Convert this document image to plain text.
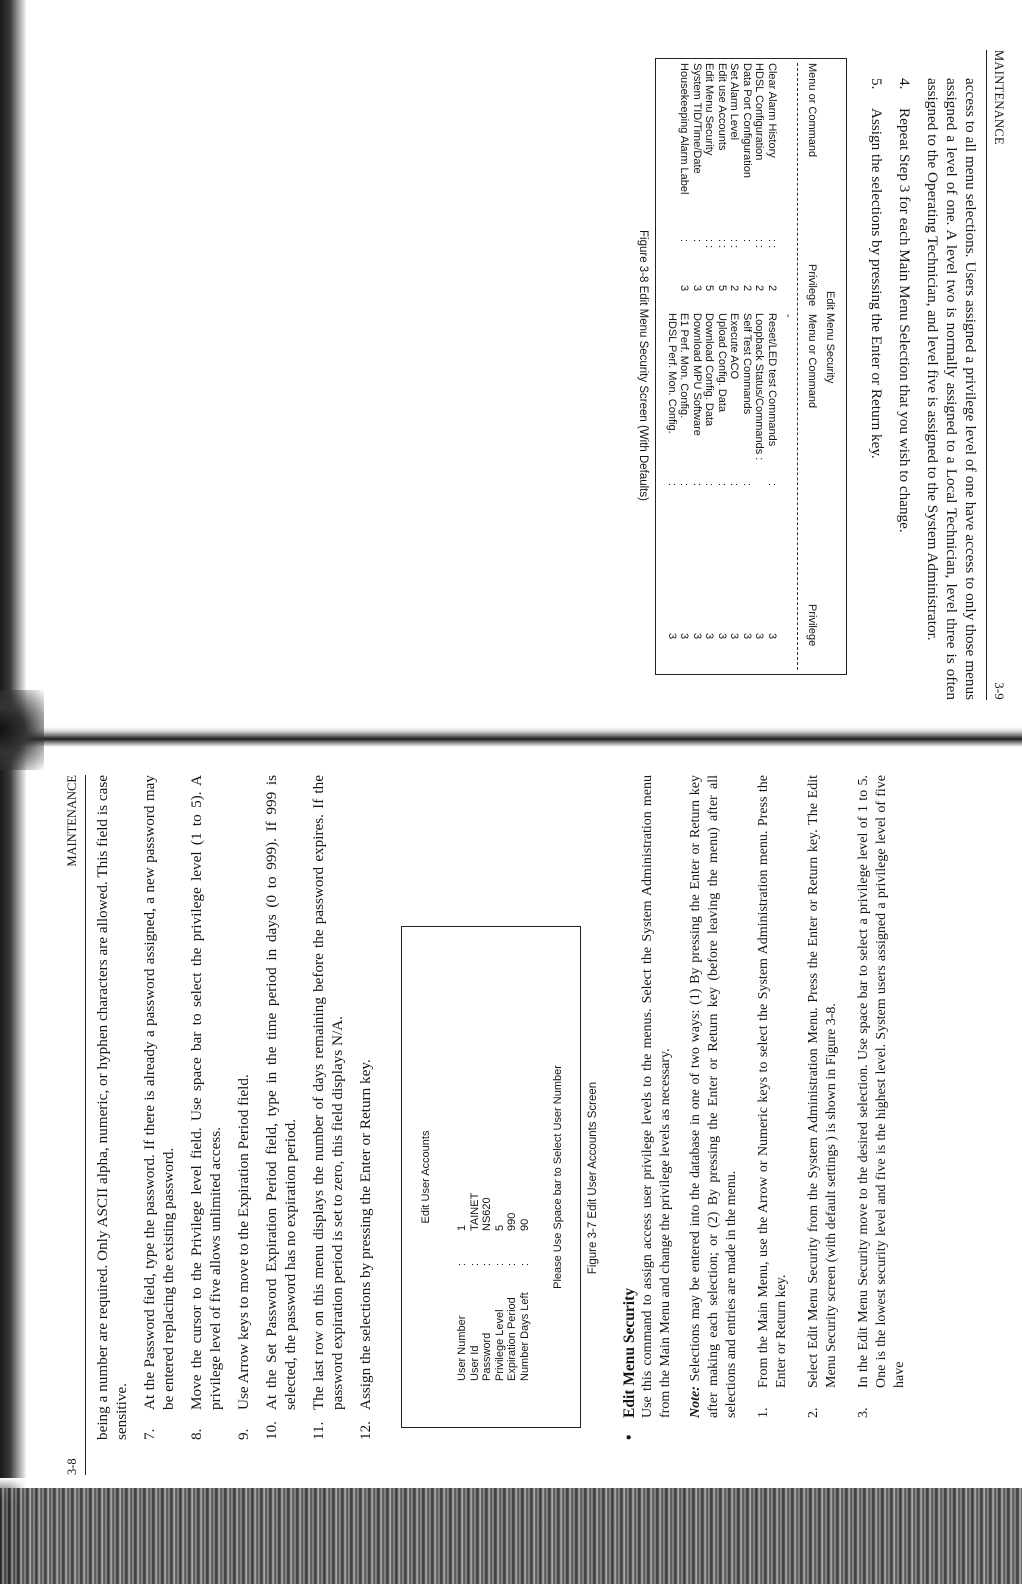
MAINTENANCE
3-9

access to all menu selections. Users assigned a privilege level of one have access to only those menus assigned a level of one. A level two is normally assigned to a Local Technician, level three is often assigned to the Operating Technician, and level five is assigned to the System Administrator.

4.
Repeat Step 3 for each Main Menu Selection that you wish to change.
5.
Assign the selections by pressing the Enter or Return key.
Edit Menu Security
Menu or Command
Privilege
Menu or Command
Privilege
-
Clear Alarm History
: :
2
Reset/LED test Commands
:
3
HDSL Configuration
: :
2
Loopback Status/Commands :
3
Data Port Configuration
:
2
Self Test Commands
:
3
Set Alarm Level
: :
2
Execute ACO
:
3
Edit use Accounts
: :
5
Upload Config. Data
:
3
Edit Menu Security
: :
5
Download Config. Data
:
3
System TID/Time/Date
:
3
Download MPU Software
:
3
Housekeeping Alarm Label
:
3
E1 Perf. Mon. Config.
:
3
HDSL Perf. Mon. Config.
:
3
Figure 3-8 Edit Menu Security Screen (With Defaults)
3-8
MAINTENANCE being a number are required. Only ASCII alpha, numeric, or hyphen characters are allowed. This field is case sensitive. 7.
At the Password field, type the password. If there is already a password assigned, a new password may be entered replacing the existing password.
8.
Move the cursor to the Privilege level field. Use space bar to select the privilege level (1 to 5). A privilege level of five allows unlimited access.
9.
Use Arrow keys to move to the Expiration Period field.
10.
At the Set Password Expiration Period field, type in the time period in days (0 to 999). If 999 is selected, the password has no expiration period.
11.
The last row on this menu displays the number of days remaining before the password expires. If the password expiration period is set to zero, this field displays N/A.
12.
Assign the selections by pressing the Enter or Return key.	Edit User Accounts
User Number
:
1
User Id
:
TAINET
Password
:
NS620
Privilege Level
:
5
Expiration Period
:
990
Number Days Left
:
90 Please Use Space bar to Select User Number Figure 3-7 Edit User Accounts Screen
•
Edit Menu Security Use this command to assign access user privilege levels to the menus. Select the System Administration menu from the Main Menu and change the privilege levels as necessary. Note: Selections may be entered into the database in one of two ways: (1) By pressing the Enter or Return key after making each selection; or (2) By pressing the Enter or Return key (before leaving the menu) after all selections and entries are made in the menu. 1.
From the Main Menu, use the Arrow or Numeric keys to select the System Administration menu. Press the Enter or Return key.
2.
Select Edit Menu Security from the System Administration Menu. Press the Enter or Return key. The Edit Menu Security screen (with default settings ) is shown in Figure 3-8.
3.
In the Edit Menu Security move to the desired selection. Use space bar to select a privilege level of 1 to 5. One is the lowest security level and five is the highest level. System users assigned a privilege level of five have
